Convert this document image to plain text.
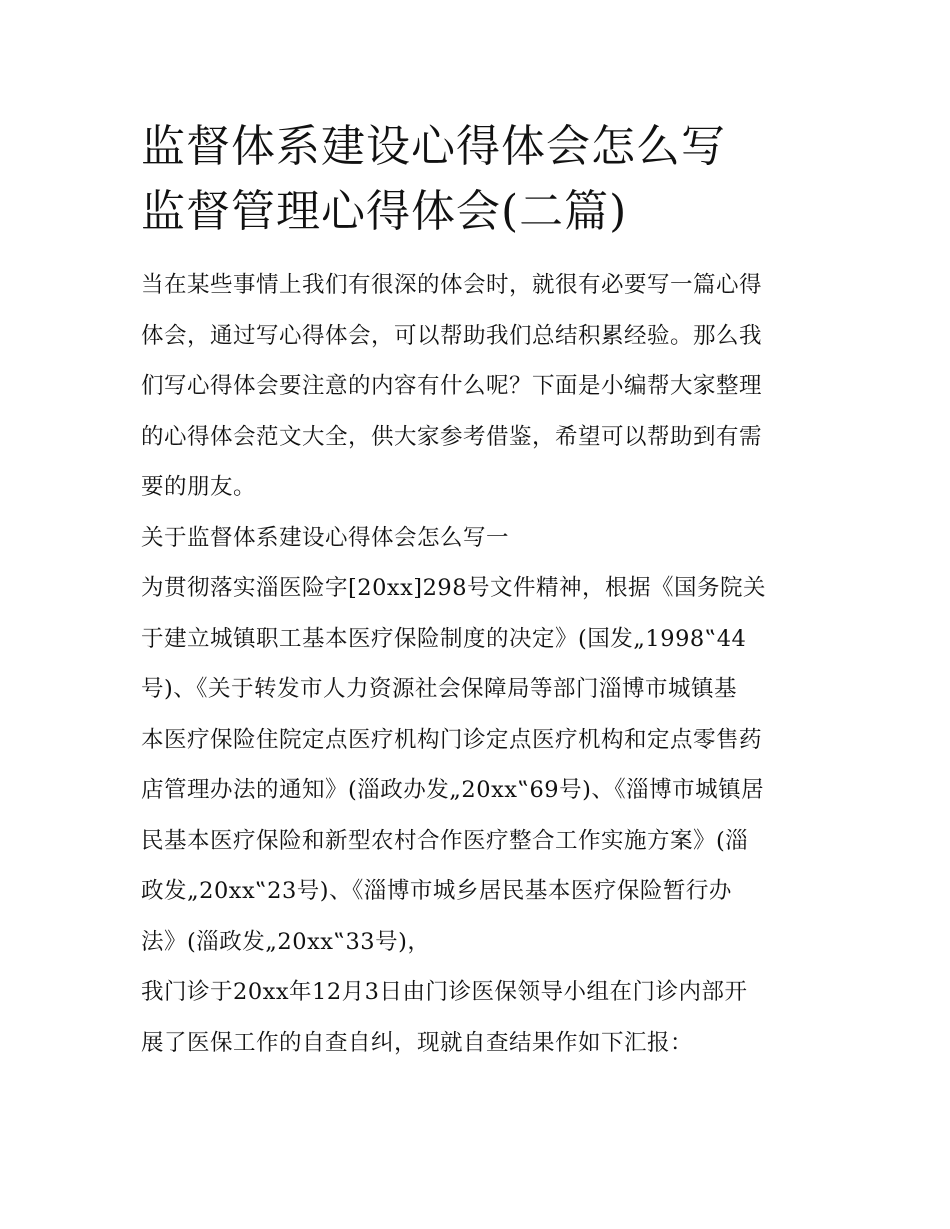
监督体系建设心得体会怎么写
监督管理心得体会(二篇)

当在某些事情上我们有很深的体会时，就很有必要写一篇心得
体会，通过写心得体会，可以帮助我们总结积累经验。那么我
们写心得体会要注意的内容有什么呢？下面是小编帮大家整理
的心得体会范文大全，供大家参考借鉴，希望可以帮助到有需
要的朋友。

关于监督体系建设心得体会怎么写一

为贯彻落实淄医险字[20xx]298号文件精神，根据《国务院关
于建立城镇职工基本医疗保险制度的决定》(国发„1998‟44
号)、《关于转发市人力资源社会保障局等部门淄博市城镇基
本医疗保险住院定点医疗机构门诊定点医疗机构和定点零售药
店管理办法的通知》(淄政办发„20xx‟69号)、《淄博市城镇居
民基本医疗保险和新型农村合作医疗整合工作实施方案》(淄
政发„20xx‟23号)、《淄博市城乡居民基本医疗保险暂行办
法》(淄政发„20xx‟33号)，

我门诊于20xx年12月3日由门诊医保领导小组在门诊内部开
展了医保工作的自查自纠，现就自查结果作如下汇报：
